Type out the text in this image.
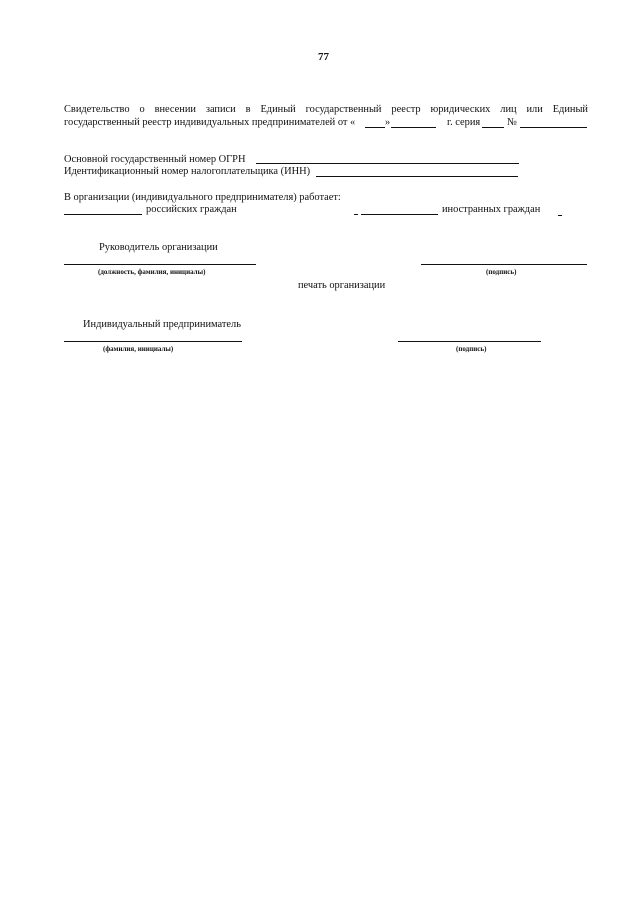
77
Свидетельство о внесении записи в Единый государственный реестр юридических лиц или Единый
государственный реестр индивидуальных предпринимателей от «	»	г. серия	№
Основной государственный номер ОГРН
Идентификационный номер налогоплательщика (ИНН)
В организации (индивидуального предпринимателя) работает:
российских граждан	иностранных граждан
Руководитель организации
(должность, фамилия, инициалы)	(подпись)
печать организации
Индивидуальный предприниматель
(фамилия, инициалы)	(подпись)
